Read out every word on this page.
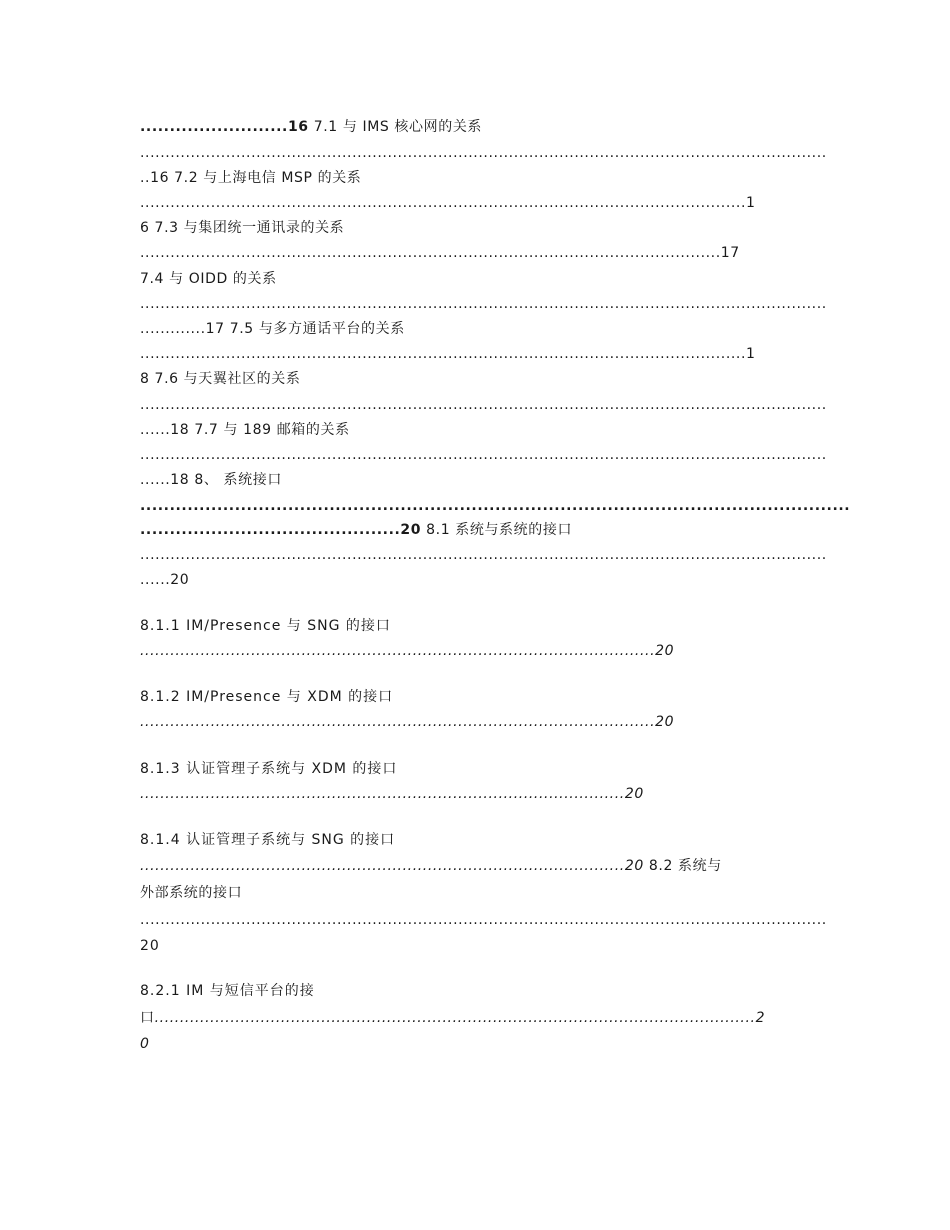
.........................16 7.1 与 IMS 核心网的关系
........................................................................................................................................
..16 7.2 与上海电信 MSP 的关系
........................................................................................................................1
6 7.3 与集团统一通讯录的关系
...................................................................................................................17
7.4 与 OIDD 的关系
........................................................................................................................................
.............17 7.5 与多方通话平台的关系
........................................................................................................................1
8 7.6 与天翼社区的关系
........................................................................................................................................
......18 7.7 与 189 邮箱的关系
........................................................................................................................................
......18 8、 系统接口
........................................................................................................................
............................................20 8.1 系统与系统的接口
........................................................................................................................................
......20
8.1.1 IM/Presence 与 SNG 的接口
......................................................................................................20
8.1.2 IM/Presence 与 XDM 的接口
......................................................................................................20
8.1.3 认证管理子系统与 XDM 的接口
................................................................................................20
8.1.4 认证管理子系统与 SNG 的接口
................................................................................................20 8.2 系统与
外部系统的接口
........................................................................................................................................
20
8.2.1 IM 与短信平台的接
口.......................................................................................................................2
0
